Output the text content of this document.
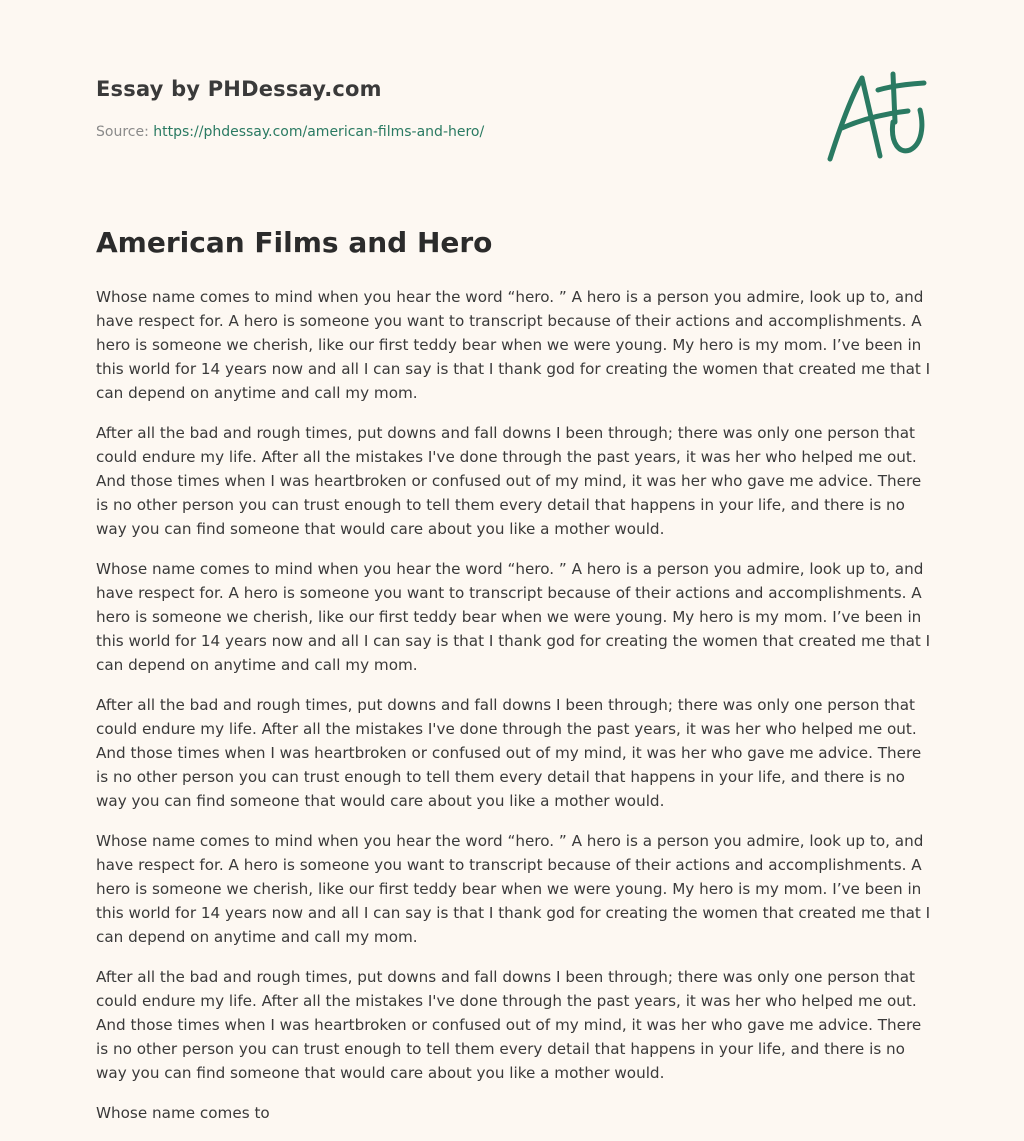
Essay by PHDessay.com

Source: https://phdessay.com/american-films-and-hero/

American Films and Hero

Whose name comes to mind when you hear the word “hero. ” A hero is a person you admire, look up to, and have respect for. A hero is someone you want to transcript because of their actions and accomplishments. A hero is someone we cherish, like our first teddy bear when we were young. My hero is my mom. I’ve been in this world for 14 years now and all I can say is that I thank god for creating the women that created me that I can depend on anytime and call my mom.

After all the bad and rough times, put downs and fall downs I been through; there was only one person that could endure my life. After all the mistakes I've done through the past years, it was her who helped me out. And those times when I was heartbroken or confused out of my mind, it was her who gave me advice. There is no other person you can trust enough to tell them every detail that happens in your life, and there is no way you can find someone that would care about you like a mother would.

Whose name comes to mind when you hear the word “hero. ” A hero is a person you admire, look up to, and have respect for. A hero is someone you want to transcript because of their actions and accomplishments. A hero is someone we cherish, like our first teddy bear when we were young. My hero is my mom. I’ve been in this world for 14 years now and all I can say is that I thank god for creating the women that created me that I can depend on anytime and call my mom.

After all the bad and rough times, put downs and fall downs I been through; there was only one person that could endure my life. After all the mistakes I've done through the past years, it was her who helped me out. And those times when I was heartbroken or confused out of my mind, it was her who gave me advice. There is no other person you can trust enough to tell them every detail that happens in your life, and there is no way you can find someone that would care about you like a mother would.

Whose name comes to mind when you hear the word “hero. ” A hero is a person you admire, look up to, and have respect for. A hero is someone you want to transcript because of their actions and accomplishments. A hero is someone we cherish, like our first teddy bear when we were young. My hero is my mom. I’ve been in this world for 14 years now and all I can say is that I thank god for creating the women that created me that I can depend on anytime and call my mom.

After all the bad and rough times, put downs and fall downs I been through; there was only one person that could endure my life. After all the mistakes I've done through the past years, it was her who helped me out. And those times when I was heartbroken or confused out of my mind, it was her who gave me advice. There is no other person you can trust enough to tell them every detail that happens in your life, and there is no way you can find someone that would care about you like a mother would.

Whose name comes to
